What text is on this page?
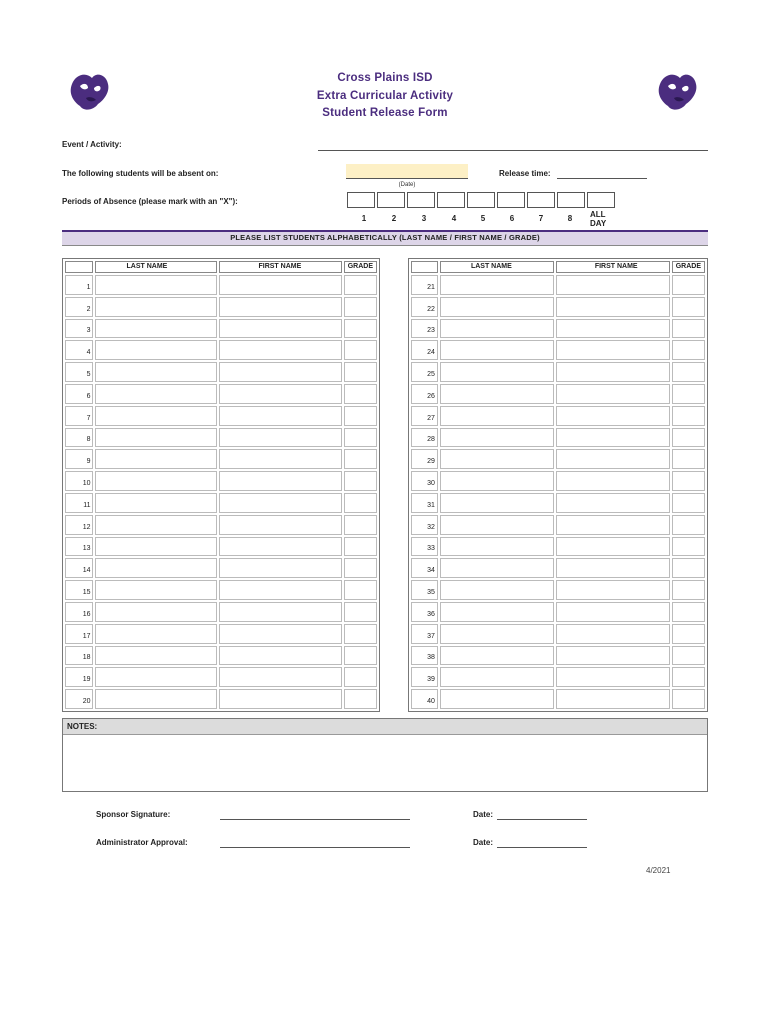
Cross Plains ISD
Extra Curricular Activity
Student Release Form
Event / Activity:
The following students will be absent on:
(Date)
Release time:
Periods of Absence (please mark with an "X"):
1	2	3	4	5	6	7	8	ALL
DAY
PLEASE LIST STUDENTS ALPHABETICALLY (LAST NAME / FIRST NAME / GRADE)
	LAST NAME	FIRST NAME	GRADE
1			
2			
3			
4			
5			
6			
7			
8			
9			
10			
11			
12			
13			
14			
15			
16			
17			
18			
19			
20			
	LAST NAME	FIRST NAME	GRADE
21			
22			
23			
24			
25			
26			
27			
28			
29			
30			
31			
32			
33			
34			
35			
36			
37			
38			
39			
40			
NOTES:
Sponsor Signature:	Date:
Administrator Approval:	Date:
4/2021
